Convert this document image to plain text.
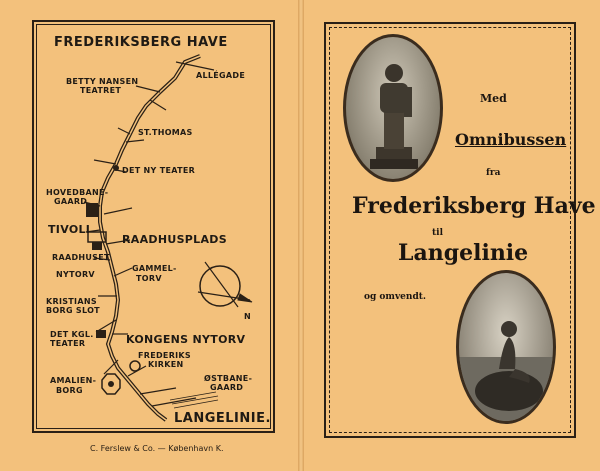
FREDERIKSBERG HAVE
BETTY NANSEN
TEATRET
ALLÉGADE
ST.THOMAS
DET NY TEATER
HOVEDBANE-
GAARD
TIVOLI
RAADHUSPLADS
RAADHUSET
NYTORV
GAMMEL-
TORV
N
KRISTIANS
BORG SLOT
DET KGL.
TEATER	KONGENS NYTORV
FREDERIKS
KIRKEN
AMALIEN-
BORG
ØSTBANE-
GAARD
LANGELINIE.
C. Ferslew & Co. — København K.
Med
Omnibussen
fra
Frederiksberg Have
til
Langelinie
og omvendt.
